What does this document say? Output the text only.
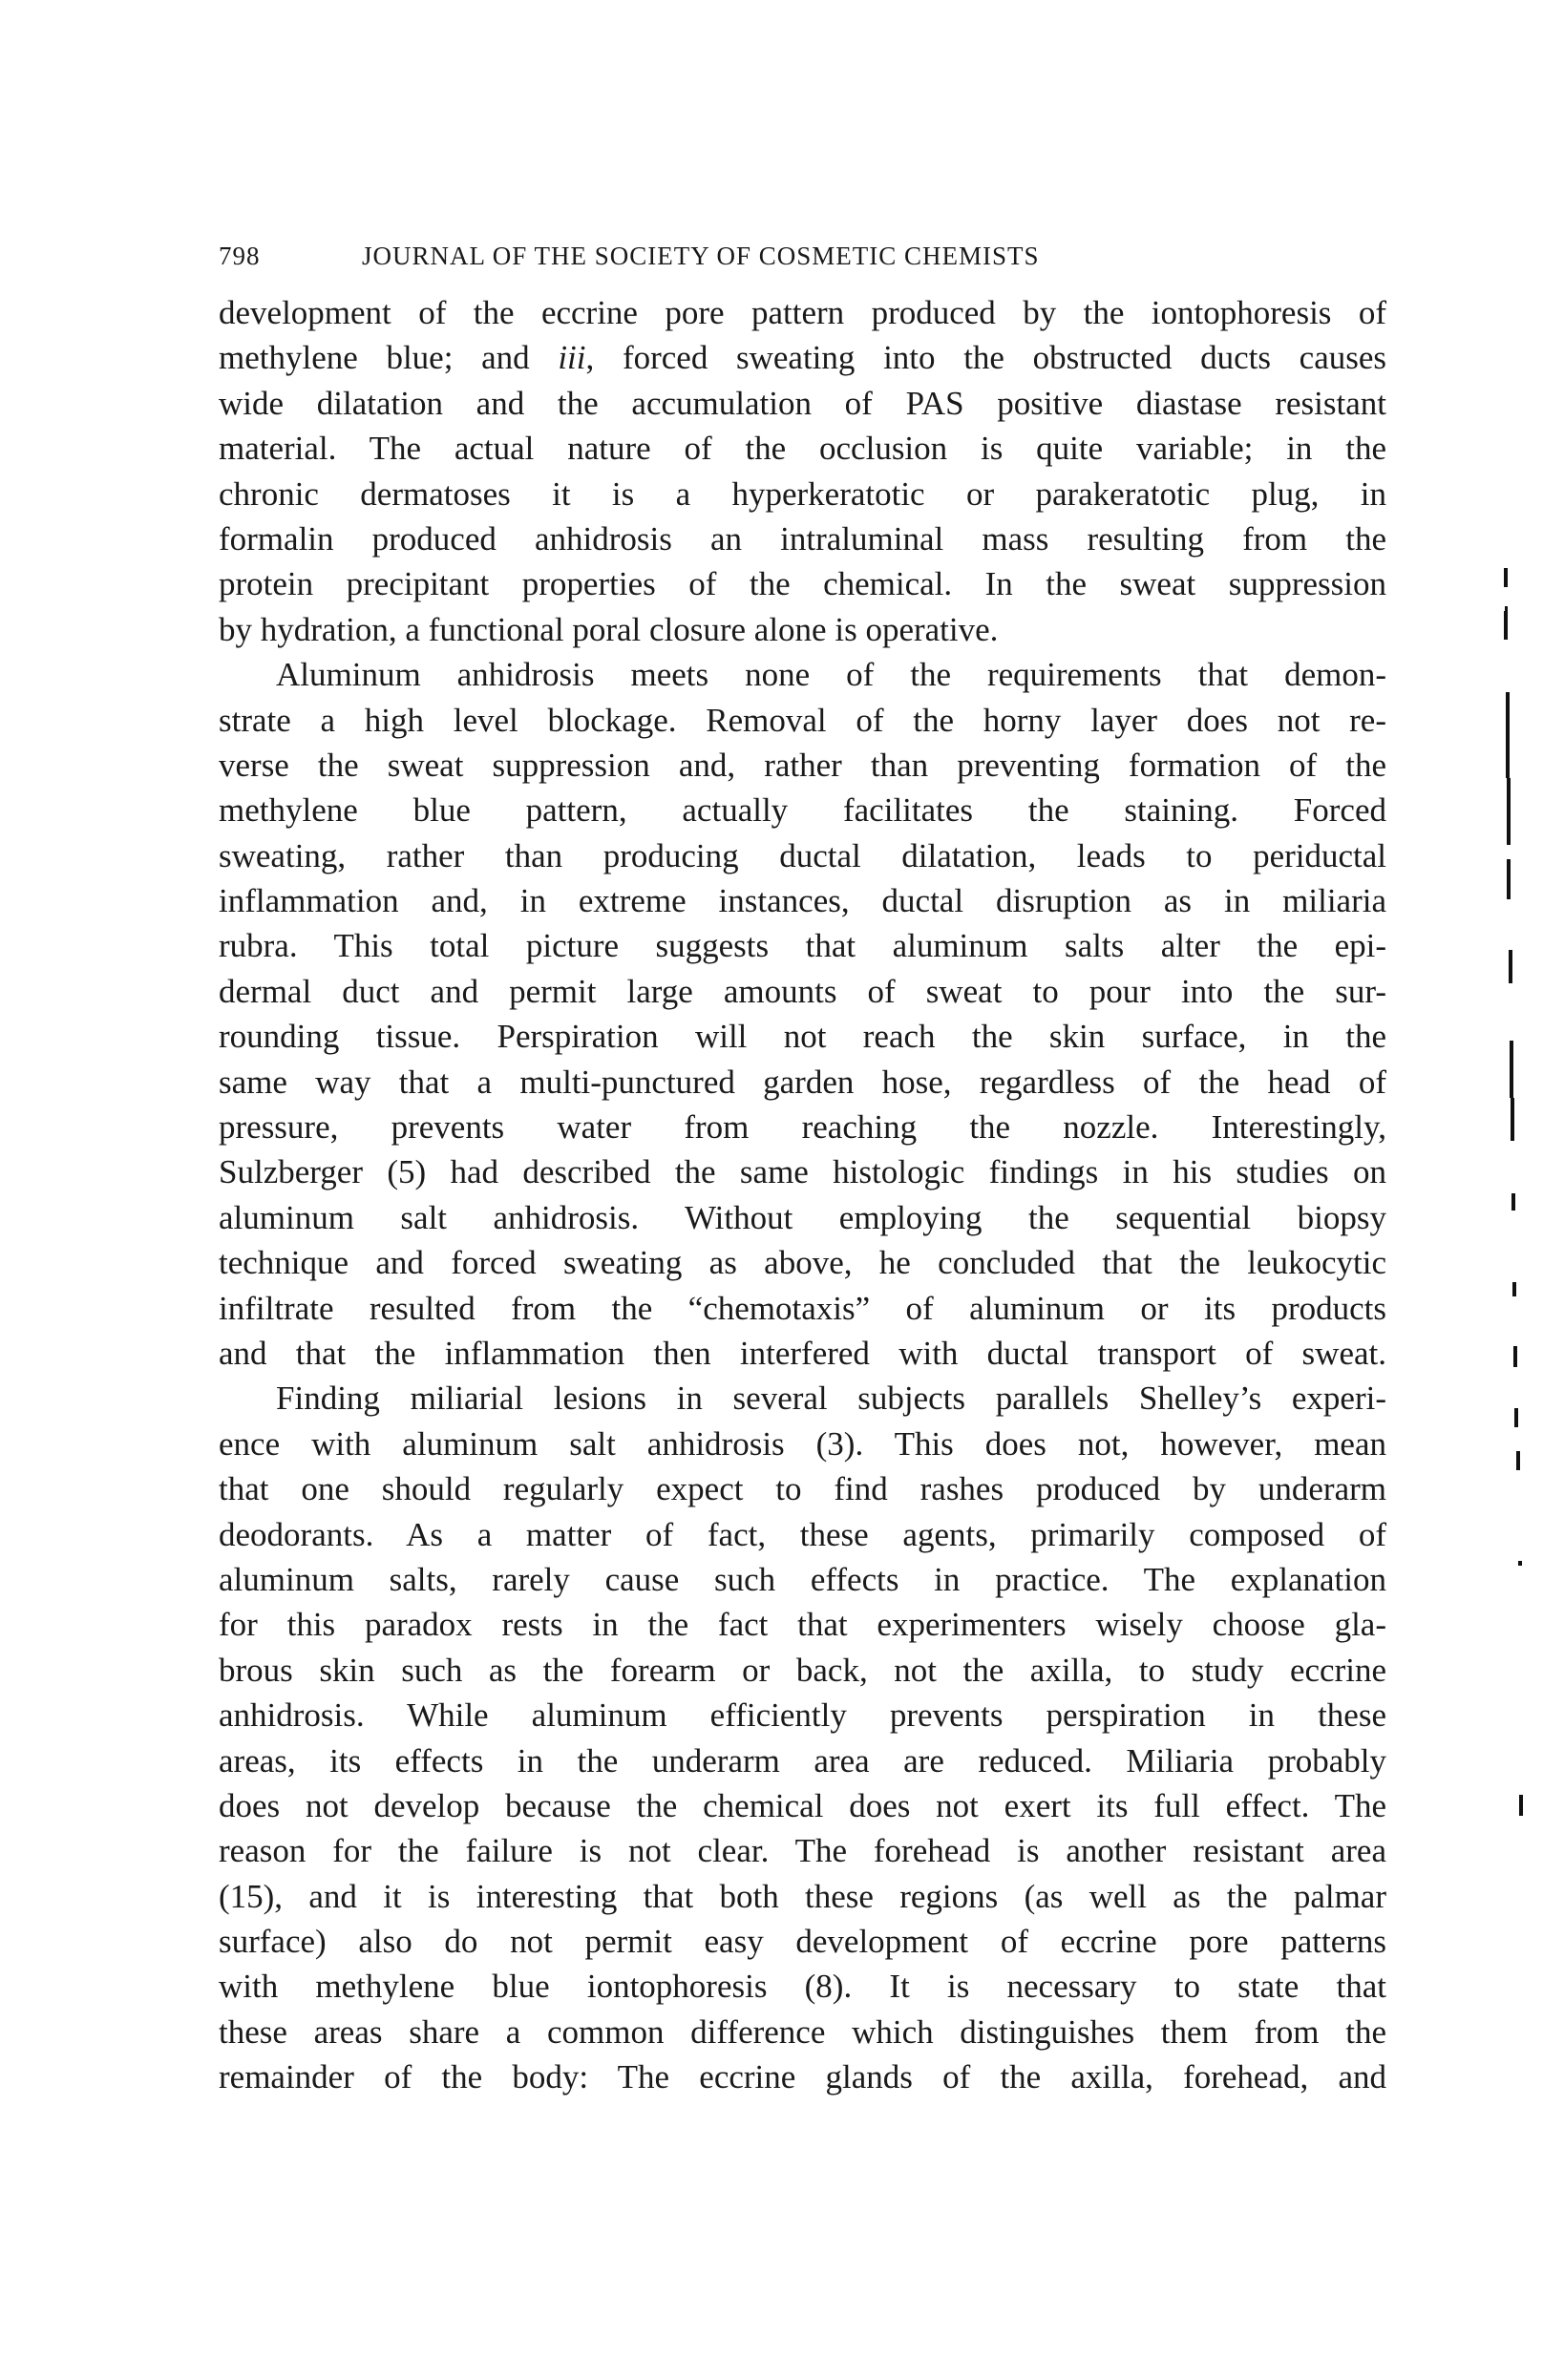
798	JOURNAL OF THE SOCIETY OF COSMETIC CHEMISTS
development of the eccrine pore pattern produced by the iontophoresis of
methylene blue; and iii, forced sweating into the obstructed ducts causes
wide dilatation and the accumulation of PAS positive diastase resistant
material. The actual nature of the occlusion is quite variable; in the
chronic dermatoses it is a hyperkeratotic or parakeratotic plug, in
formalin produced anhidrosis an intraluminal mass resulting from the
protein precipitant properties of the chemical. In the sweat suppression
by hydration, a functional poral closure alone is operative.
Aluminum anhidrosis meets none of the requirements that demon-
strate a high level blockage. Removal of the horny layer does not re-
verse the sweat suppression and, rather than preventing formation of the
methylene blue pattern, actually facilitates the staining. Forced
sweating, rather than producing ductal dilatation, leads to periductal
inflammation and, in extreme instances, ductal disruption as in miliaria
rubra. This total picture suggests that aluminum salts alter the epi-
dermal duct and permit large amounts of sweat to pour into the sur-
rounding tissue. Perspiration will not reach the skin surface, in the
same way that a multi-punctured garden hose, regardless of the head of
pressure, prevents water from reaching the nozzle. Interestingly,
Sulzberger (5) had described the same histologic findings in his studies on
aluminum salt anhidrosis. Without employing the sequential biopsy
technique and forced sweating as above, he concluded that the leukocytic
infiltrate resulted from the “chemotaxis” of aluminum or its products
and that the inflammation then interfered with ductal transport of sweat.
Finding miliarial lesions in several subjects parallels Shelley’s experi-
ence with aluminum salt anhidrosis (3). This does not, however, mean
that one should regularly expect to find rashes produced by underarm
deodorants. As a matter of fact, these agents, primarily composed of
aluminum salts, rarely cause such effects in practice. The explanation
for this paradox rests in the fact that experimenters wisely choose gla-
brous skin such as the forearm or back, not the axilla, to study eccrine
anhidrosis. While aluminum efficiently prevents perspiration in these
areas, its effects in the underarm area are reduced. Miliaria probably
does not develop because the chemical does not exert its full effect. The
reason for the failure is not clear. The forehead is another resistant area
(15), and it is interesting that both these regions (as well as the palmar
surface) also do not permit easy development of eccrine pore patterns
with methylene blue iontophoresis (8). It is necessary to state that
these areas share a common difference which distinguishes them from the
remainder of the body: The eccrine glands of the axilla, forehead, and
